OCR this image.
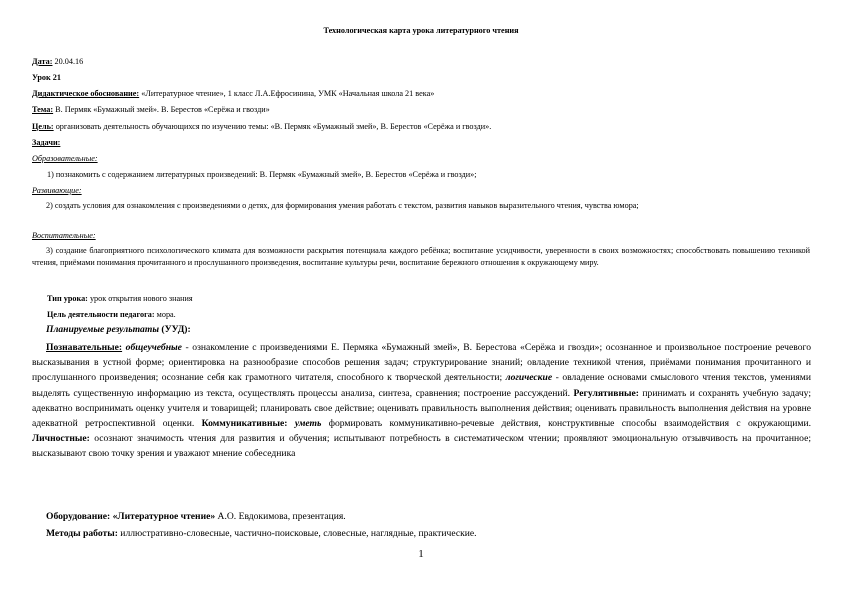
Технологическая карта урока литературного чтения
Дата: 20.04.16
Урок 21
Дидактическое обоснование: «Литературное чтение», 1 класс Л.А.Ефросинина, УМК «Начальная школа 21 века»
Тема: В. Пермяк «Бумажный змей». В. Берестов «Серёжа и гвозди»
Цель: организовать деятельность обучающихся по изучению темы: «В. Пермяк «Бумажный змей», В. Берестов «Серёжа и гвозди».
Задачи:
Образовательные:
1) познакомить с содержанием литературных произведений: В. Пермяк «Бумажный змей», В. Берестов «Серёжа и гвозди»;
Развивающие:
2) создать условия для ознакомления с произведениями о детях, для формирования умения работать с текстом, развития навыков выразительного чтения, чувства юмора;
Воспитательные:
3) создание благоприятного психологического климата для возможности раскрытия потенциала каждого ребёнка; воспитание усидчивости, уверенности в своих возможностях; способствовать повышению техникой чтения, приёмами понимания прочитанного и прослушанного произведения, воспитание культуры речи, воспитание бережного отношения к окружающему миру.
Тип урока: урок открытия нового знания
Цель деятельности педагога: мора.
Планируемые результаты (УУД):
Познавательные: общеучебные - ознакомление с произведениями Е. Пермяка «Бумажный змей», В. Берестова «Серёжа и гвозди»; осознанное и произвольное построение речевого высказывания в устной форме; ориентировка на разнообразие способов решения задач; структурирование знаний; овладение техникой чтения, приёмами понимания прочитанного и прослушанного произведения; осознание себя как грамотного читателя, способного к творческой деятельности; логические - овладение основами смыслового чтения текстов, умениями выделять существенную информацию из текста, осуществлять процессы анализа, синтеза, сравнения; построение рассуждений. Регулятивные: принимать и сохранять учебную задачу; адекватно воспринимать оценку учителя и товарищей; планировать свое действие; оценивать правильность выполнения действия; оценивать правильность выполнения действия на уровне адекватной ретроспективной оценки. Коммуникативные: уметь формировать коммуникативно-речевые действия, конструктивные способы взаимодействия с окружающими. Личностные: осознают значимость чтения для развития и обучения; испытывают потребность в систематическом чтении; проявляют эмоциональную отзывчивость на прочитанное; высказывают свою точку зрения и уважают мнение собеседника
Оборудование: «Литературное чтение» А.О. Евдокимова, презентация.
Методы работы: иллюстративно-словесные, частично-поисковые, словесные, наглядные, практические.
1
